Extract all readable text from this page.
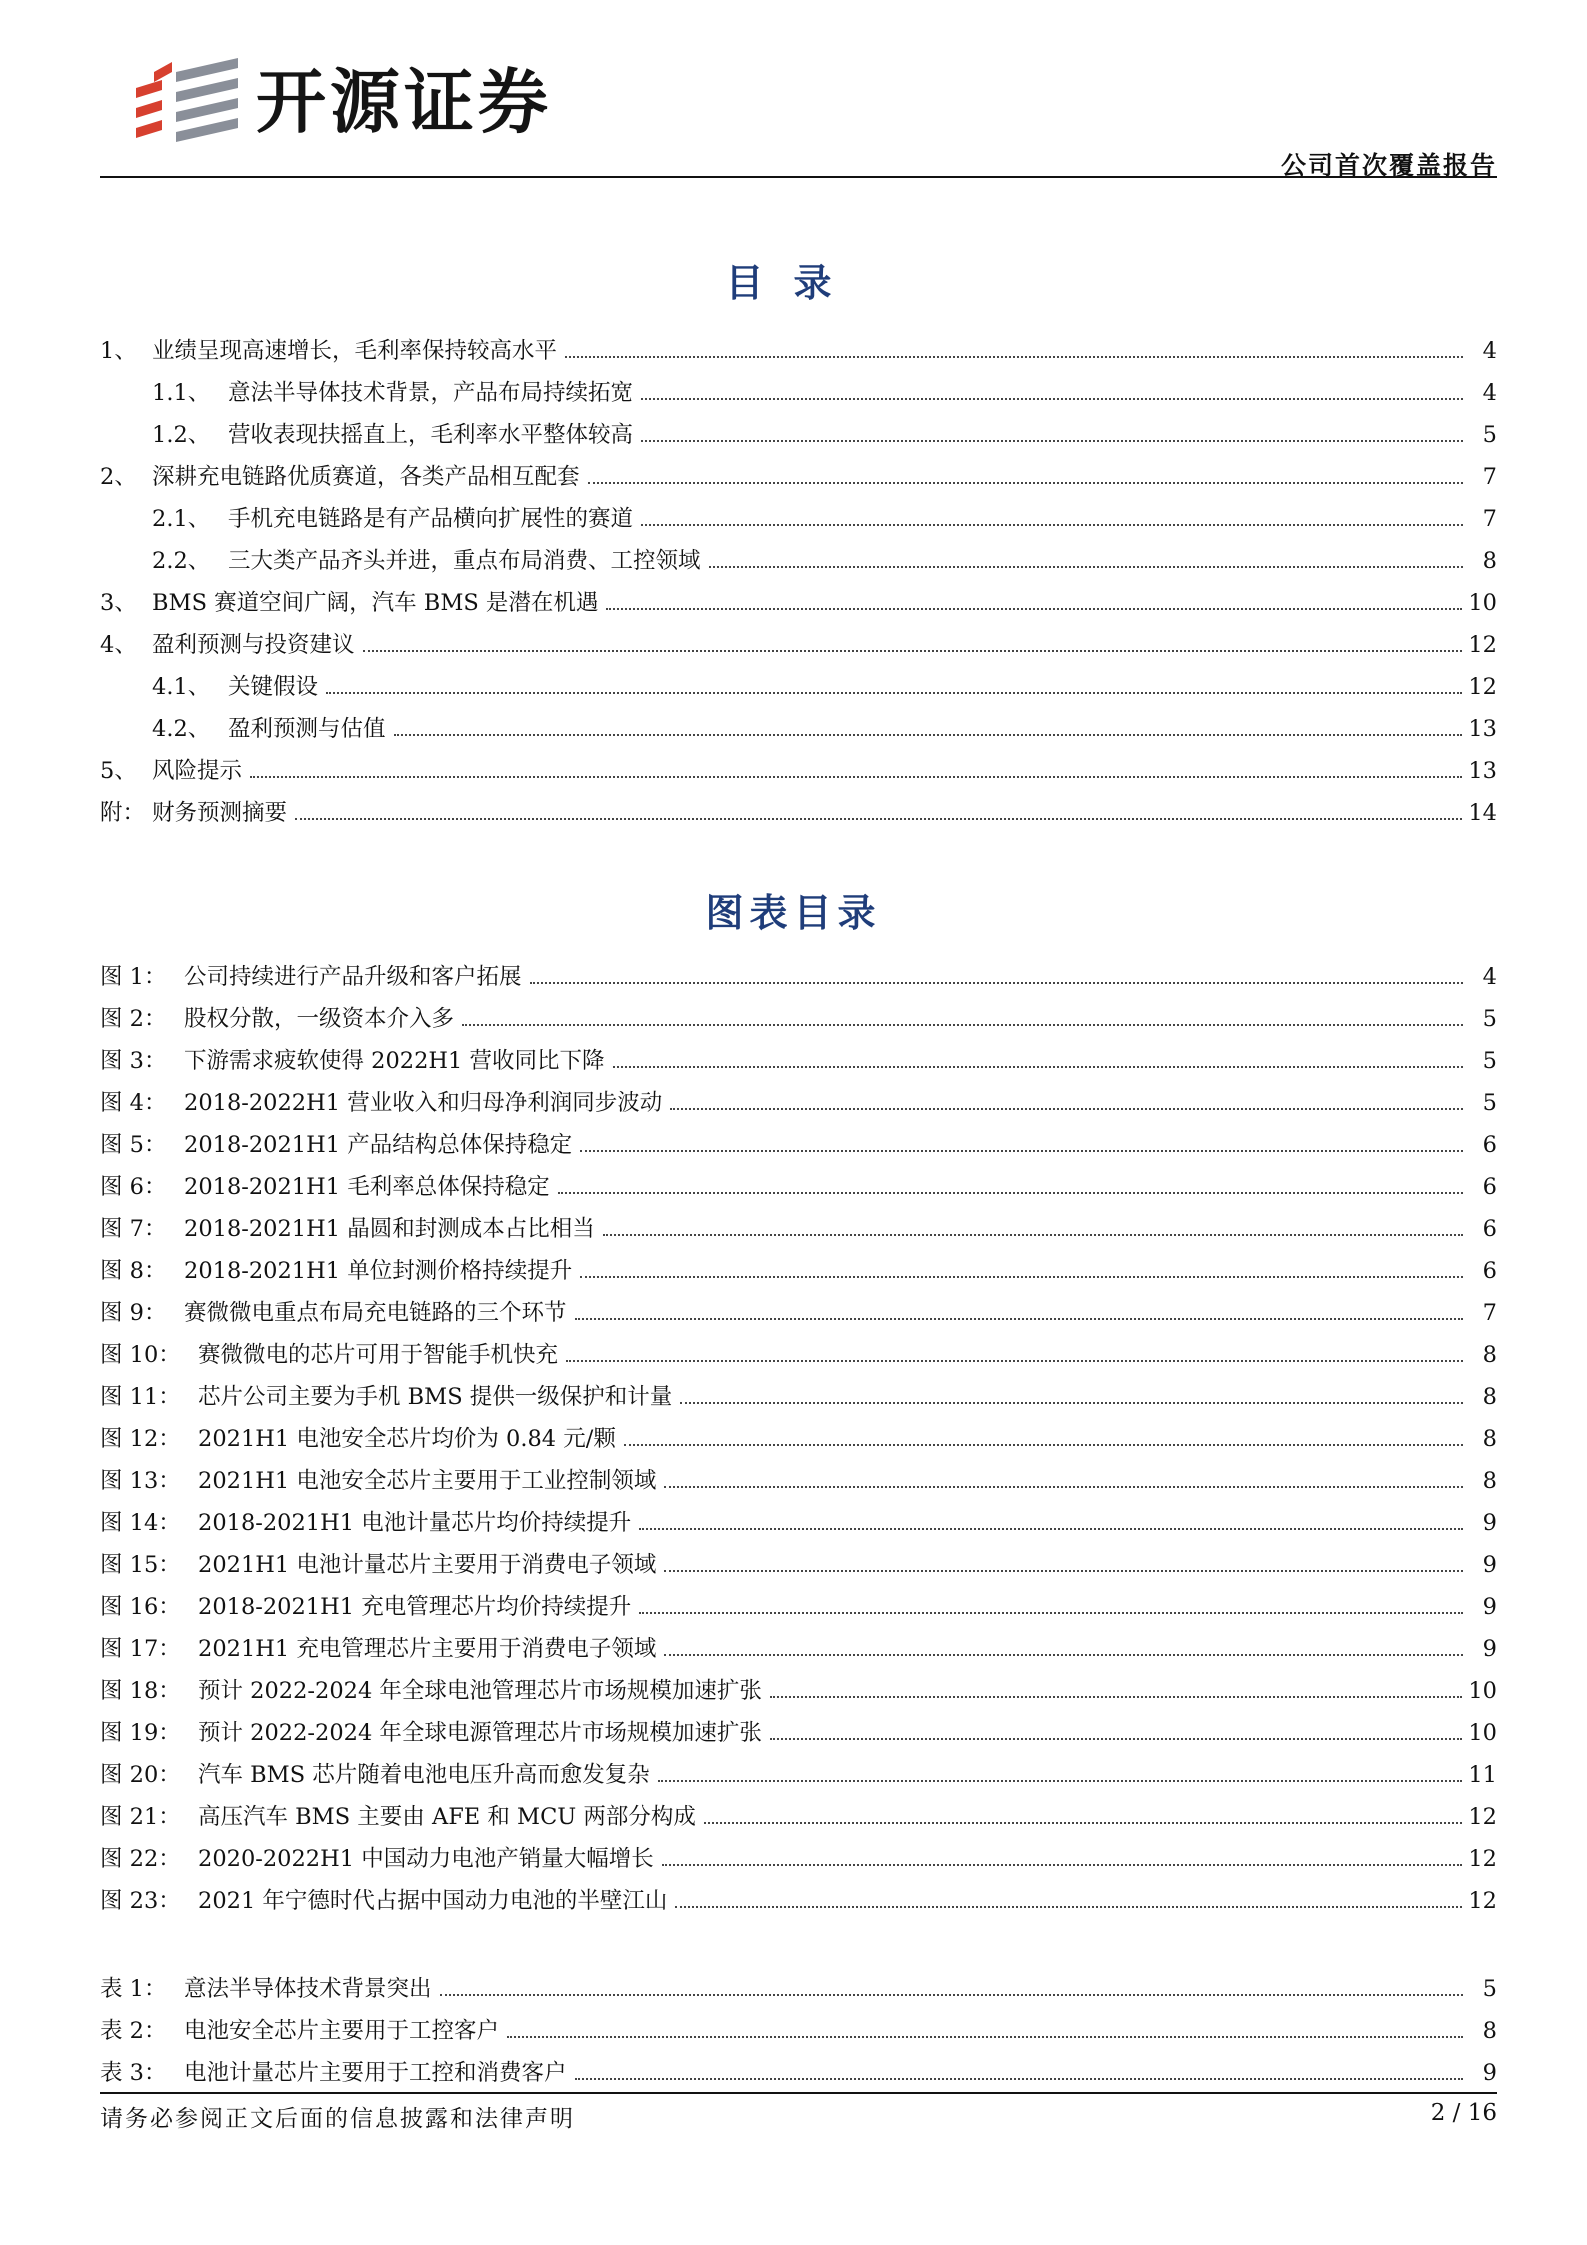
开源证券
公司首次覆盖报告
目录
1、 业绩呈现高速增长，毛利率保持较高水平	4
1.1、 意法半导体技术背景，产品布局持续拓宽	4
1.2、 营收表现扶摇直上，毛利率水平整体较高	5
2、 深耕充电链路优质赛道，各类产品相互配套	7
2.1、 手机充电链路是有产品横向扩展性的赛道	7
2.2、 三大类产品齐头并进，重点布局消费、工控领域	8
3、 BMS 赛道空间广阔，汽车 BMS 是潜在机遇	10
4、 盈利预测与投资建议	12
4.1、 关键假设	12
4.2、 盈利预测与估值	13
5、 风险提示	13
附： 财务预测摘要	14
图表目录
图 1： 公司持续进行产品升级和客户拓展	4
图 2： 股权分散，一级资本介入多	5
图 3： 下游需求疲软使得 2022H1 营收同比下降	5
图 4： 2018-2022H1 营业收入和归母净利润同步波动	5
图 5： 2018-2021H1 产品结构总体保持稳定	6
图 6： 2018-2021H1 毛利率总体保持稳定	6
图 7： 2018-2021H1 晶圆和封测成本占比相当	6
图 8： 2018-2021H1 单位封测价格持续提升	6
图 9： 赛微微电重点布局充电链路的三个环节	7
图 10： 赛微微电的芯片可用于智能手机快充	8
图 11： 芯片公司主要为手机 BMS 提供一级保护和计量	8
图 12： 2021H1 电池安全芯片均价为 0.84 元/颗	8
图 13： 2021H1 电池安全芯片主要用于工业控制领域	8
图 14： 2018-2021H1 电池计量芯片均价持续提升	9
图 15： 2021H1 电池计量芯片主要用于消费电子领域	9
图 16： 2018-2021H1 充电管理芯片均价持续提升	9
图 17： 2021H1 充电管理芯片主要用于消费电子领域	9
图 18： 预计 2022-2024 年全球电池管理芯片市场规模加速扩张	10
图 19： 预计 2022-2024 年全球电源管理芯片市场规模加速扩张	10
图 20： 汽车 BMS 芯片随着电池电压升高而愈发复杂	11
图 21： 高压汽车 BMS 主要由 AFE 和 MCU 两部分构成	12
图 22： 2020-2022H1 中国动力电池产销量大幅增长	12
图 23： 2021 年宁德时代占据中国动力电池的半壁江山	12
表 1： 意法半导体技术背景突出	5
表 2： 电池安全芯片主要用于工控客户	8
表 3： 电池计量芯片主要用于工控和消费客户	9
请务必参阅正文后面的信息披露和法律声明	2 / 16
